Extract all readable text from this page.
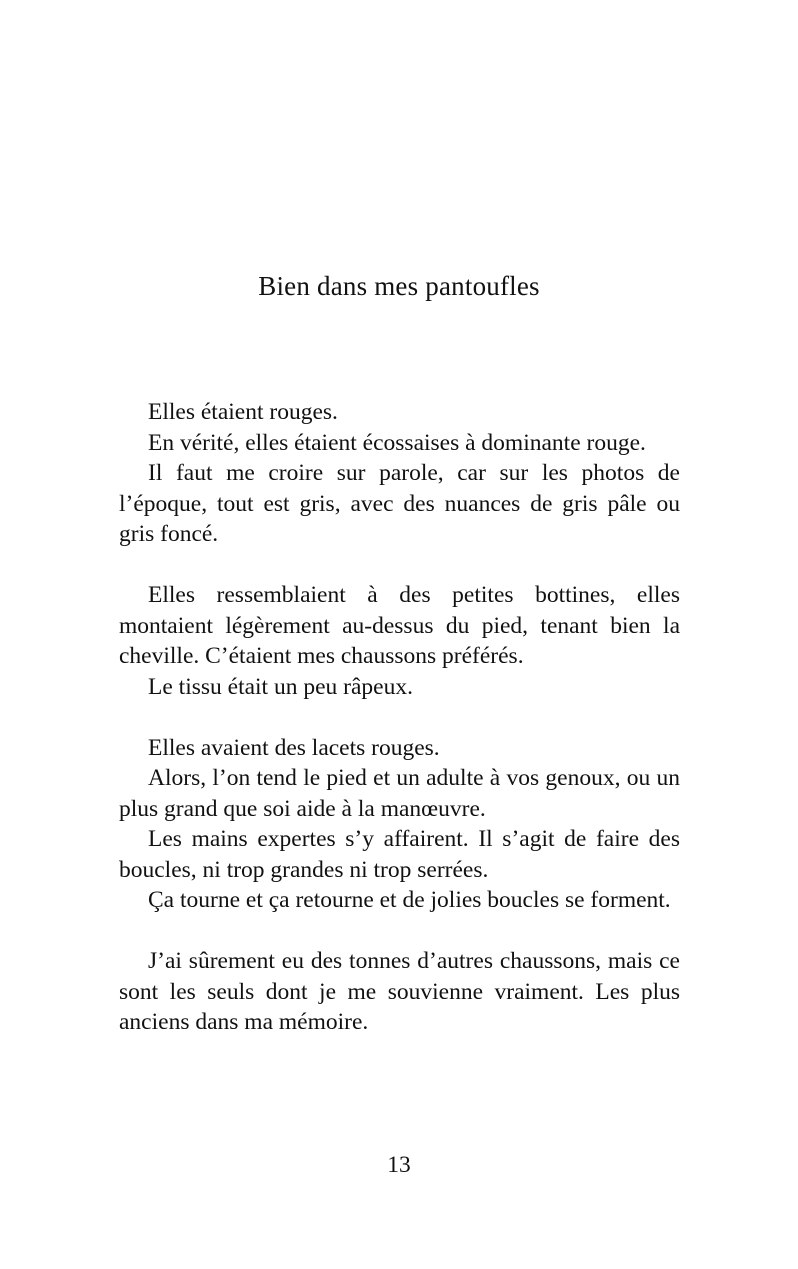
Bien dans mes pantoufles

Elles étaient rouges.

En vérité, elles étaient écossaises à dominante rouge.

Il faut me croire sur parole, car sur les photos de l’époque, tout est gris, avec des nuances de gris pâle ou gris foncé.

Elles ressemblaient à des petites bottines, elles montaient légèrement au-dessus du pied, tenant bien la cheville. C’étaient mes chaussons préférés.

Le tissu était un peu râpeux.

Elles avaient des lacets rouges.

Alors, l’on tend le pied et un adulte à vos genoux, ou un plus grand que soi aide à la manœuvre.

Les mains expertes s’y affairent. Il s’agit de faire des boucles, ni trop grandes ni trop serrées.

Ça tourne et ça retourne et de jolies boucles se forment.

J’ai sûrement eu des tonnes d’autres chaussons, mais ce sont les seuls dont je me souvienne vraiment. Les plus anciens dans ma mémoire.

13
